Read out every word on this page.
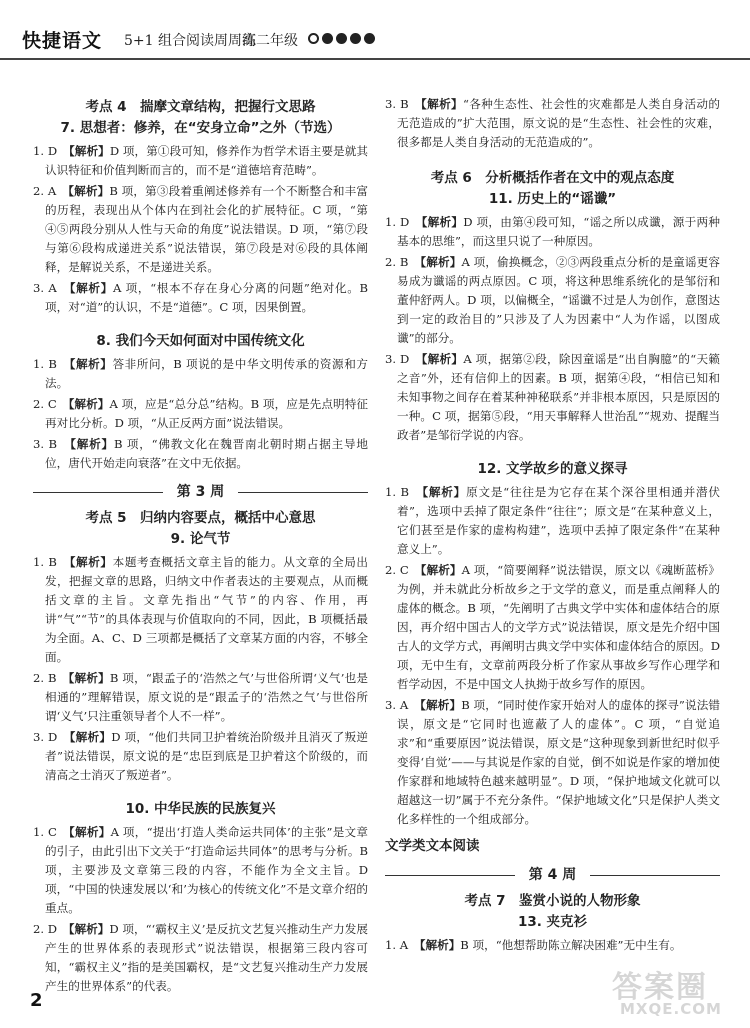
快捷语文 5+1 组合阅读周周练
高二年级
考点 4　揣摩文章结构，把握行文思路
7. 思想者：修养，在“安身立命”之外（节选）
1. D　【解析】D 项，第①段可知，修养作为哲学术语主要是就其认识特征和价值判断而言的，而不是“道德培育范畴”。
2. A　【解析】B 项，第③段着重阐述修养有一个不断整合和丰富的历程，表现出从个体内在到社会化的扩展特征。C 项，“第④⑤两段分别从人性与天命的角度”说法错误。D 项，“第⑦段与第⑥段构成递进关系”说法错误，第⑦段是对⑥段的具体阐释，是解说关系，不是递进关系。
3. A　【解析】A 项，“根本不存在身心分离的问题”绝对化。B 项，对“道”的认识，不是“道德”。C 项，因果倒置。
8. 我们今天如何面对中国传统文化
1. B　【解析】答非所问，B 项说的是中华文明传承的资源和方法。
2. C　【解析】A 项，应是“总分总”结构。B 项，应是先点明特征再对比分析。D 项，“从正反两方面”说法错误。
3. B　【解析】B 项，“佛教文化在魏晋南北朝时期占据主导地位，唐代开始走向衰落”在文中无依据。
第 3 周
考点 5　归纳内容要点，概括中心意思
9. 论气节
1. B　【解析】本题考查概括文章主旨的能力。从文章的全局出发，把握文章的思路，归纳文中作者表达的主要观点，从而概括文章的主旨。文章先指出“气节”的内容、作用，再讲“气”“节”的具体表现与价值取向的不同，因此，B 项概括最为全面。A、C、D 三项都是概括了文章某方面的内容，不够全面。
2. B　【解析】B 项，“跟孟子的‘浩然之气’与世俗所谓‘义气’也是相通的”理解错误，原文说的是“跟孟子的‘浩然之气’与世俗所谓‘义气’只注重领导者个人不一样”。
3. D　【解析】D 项，“他们共同卫护着统治阶级并且消灭了叛逆者”说法错误，原文说的是“忠臣到底是卫护着这个阶级的，而清高之士消灭了叛逆者”。
10. 中华民族的民族复兴
1. C　【解析】A 项，“提出‘打造人类命运共同体’的主张”是文章的引子，由此引出下文关于“打造命运共同体”的思考与分析。B 项，主要涉及文章第三段的内容，不能作为全文主旨。D 项，“中国的快速发展以‘和’为核心的传统文化”不是文章介绍的重点。
2. D　【解析】D 项，“‘霸权主义’是反抗文艺复兴推动生产力发展产生的世界体系的表现形式”说法错误，根据第三段内容可知，“霸权主义”指的是美国霸权，是“文艺复兴推动生产力发展产生的世界体系”的代表。
3. B　【解析】“各种生态性、社会性的灾难都是人类自身活动的无范造成的”扩大范围，原文说的是“生态性、社会性的灾难，很多都是人类自身活动的无范造成的”。
考点 6　分析概括作者在文中的观点态度
11. 历史上的“谣谶”
1. D　【解析】D 项，由第④段可知，“谣之所以成谶，源于两种基本的思维”，而这里只说了一种原因。
2. B　【解析】A 项，偷换概念，②③两段重点分析的是童谣更容易成为谶谣的两点原因。C 项，将这种思维系统化的是邹衍和董仲舒两人。D 项，以偏概全，“谣谶不过是人为创作，意图达到一定的政治目的”只涉及了人为因素中“人为作谣，以图成谶”的部分。
3. D　【解析】A 项，据第②段，除因童谣是“出自胸臆”的“天籁之音”外，还有信仰上的因素。B 项，据第④段，“相信已知和未知事物之间存在着某种神秘联系”并非根本原因，只是原因的一种。C 项，据第⑤段，“用天事解释人世治乱”“规劝、提醒当政者”是邹衍学说的内容。
12. 文学故乡的意义探寻
1. B　【解析】原文是“往往是为它存在某个深谷里相通并潜伏着”，选项中丢掉了限定条件“往往”；原文是“在某种意义上，它们甚至是作家的虚构构建”，选项中丢掉了限定条件“在某种意义上”。
2. C　【解析】A 项，“简要阐释”说法错误，原文以《魂断蓝桥》为例，并未就此分析故乡之于文学的意义，而是重点阐释人的虚体的概念。B 项，“先阐明了古典文学中实体和虚体结合的原因，再介绍中国古人的文学方式”说法错误，原文是先介绍中国古人的文学方式，再阐明古典文学中实体和虚体结合的原因。D 项，无中生有，文章前两段分析了作家从事故乡写作心理学和哲学动因，不是中国文人执拗于故乡写作的原因。
3. A　【解析】B 项，“同时使作家开始对人的虚体的探寻”说法错误，原文是“它同时也遮蔽了人的虚体”。C 项，“自觉追求”和“重要原因”说法错误，原文是“这种现象到新世纪时似乎变得‘自觉’——与其说是作家的自觉，倒不如说是作家的增加使作家群和地域特色越来越明显”。D 项，“保护地域文化就可以超越这一切”属于不充分条件。“保护地域文化”只是保护人类文化多样性的一个组成部分。
文学类文本阅读
第 4 周
考点 7　鉴赏小说的人物形象
13. 夹克衫
1. A　【解析】B 项，“他想帮助陈立解决困难”无中生有。
2	答案圈
MXQE.COM
